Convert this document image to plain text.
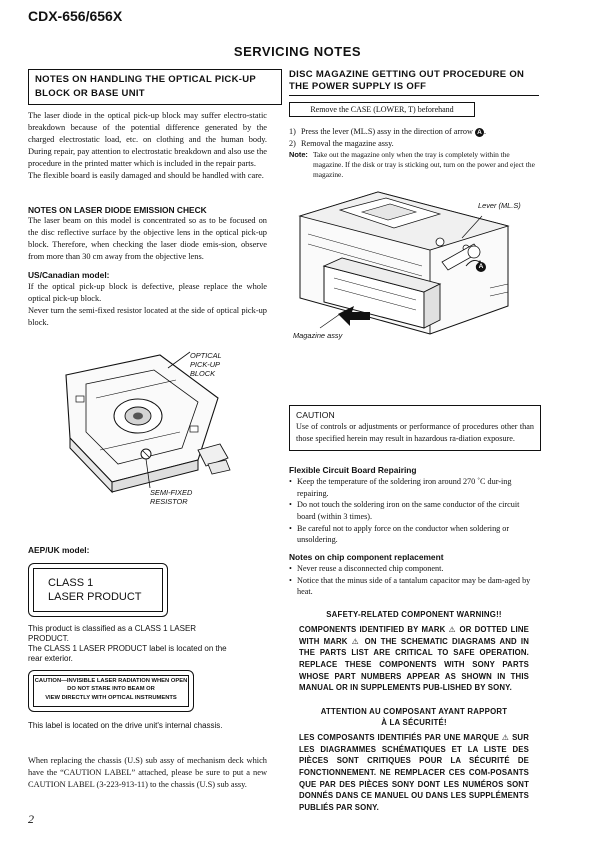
CDX-656/656X
SERVICING NOTES
NOTES ON HANDLING THE OPTICAL PICK-UP BLOCK OR BASE UNIT

The laser diode in the optical pick-up block may suffer electro-static breakdown because of the potential difference generated by the charged electrostatic load, etc. on clothing and the human body. During repair, pay attention to electrostatic breakdown and also use the procedure in the printed matter which is included in the repair parts.

The flexible board is easily damaged and should be handled with care.

NOTES ON LASER DIODE EMISSION CHECK
The laser beam on this model is concentrated so as to be focused on the disc reflective surface by the objective lens in the optical pick-up block. Therefore, when checking the laser diode emis-sion, observe from more than 30 cm away from the objective lens.
US/Canadian model:

If the optical pick-up block is defective, please replace the whole optical pick-up block.

Never turn the semi-fixed resistor located at the side of optical pick-up block.

OPTICAL
PICK-UP
BLOCK
SEMI-FIXED
RESISTOR
AEP/UK model:
CLASS 1
LASER PRODUCT
This product is classified as a CLASS 1 LASER PRODUCT.
The CLASS 1 LASER PRODUCT label is located on the rear exterior.
CAUTION—INVISIBLE LASER RADIATION WHEN OPEN
DO NOT STARE INTO BEAM OR
VIEW DIRECTLY WITH OPTICAL INSTRUMENTS
This label is located on the drive unit's internal chassis.
When replacing the chassis (U.S) sub assy of mechanism deck which have the “CAUTION LABEL” attached, please be sure to put a new CAUTION LABEL (3-223-913-11) to the chassis (U.S) sub assy.
2
DISC MAGAZINE GETTING OUT PROCEDURE ON THE POWER SUPPLY IS OFF
Remove the CASE (LOWER, T) beforehand
1) Press the lever (ML.S) assy in the direction of arrow A .
2) Removal the magazine assy.
Note: Take out the magazine only when the tray is completely within the magazine. If the disk or tray is sticking out, turn on the power and eject the magazine.
A
Lever (ML.S)
Magazine assy
CAUTION
Use of controls or adjustments or performance of procedures other than those specified herein may result in hazardous ra-diation exposure.
Flexible Circuit Board Repairing
• Keep the temperature of the soldering iron around 270 ˚C dur-ing repairing.
• Do not touch the soldering iron on the same conductor of the circuit board (within 3 times).
• Be careful not to apply force on the conductor when soldering or unsoldering.
Notes on chip component replacement
• Never reuse a disconnected chip component.
• Notice that the minus side of a tantalum capacitor may be dam-aged by heat.
SAFETY-RELATED COMPONENT WARNING!!
COMPONENTS IDENTIFIED BY MARK ⚠ OR DOTTED LINE WITH MARK ⚠ ON THE SCHEMATIC DIAGRAMS AND IN THE PARTS LIST ARE CRITICAL TO SAFE OPERATION. REPLACE THESE COMPONENTS WITH SONY PARTS WHOSE PART NUMBERS APPEAR AS SHOWN IN THIS MANUAL OR IN SUPPLEMENTS PUB-LISHED BY SONY.
ATTENTION AU COMPOSANT AYANT RAPPORT
À LA SÉCURITÉ!
LES COMPOSANTS IDENTIFIÉS PAR UNE MARQUE ⚠ SUR LES DIAGRAMMES SCHÉMATIQUES ET LA LISTE DES PIÈCES SONT CRITIQUES POUR LA SÉCURITÉ DE FONCTIONNEMENT. NE REMPLACER CES COM-POSANTS QUE PAR DES PIÈCES SONY DONT LES NUMÉROS SONT DONNÉS DANS CE MANUEL OU DANS LES SUPPLÉMENTS PUBLIÉS PAR SONY.
